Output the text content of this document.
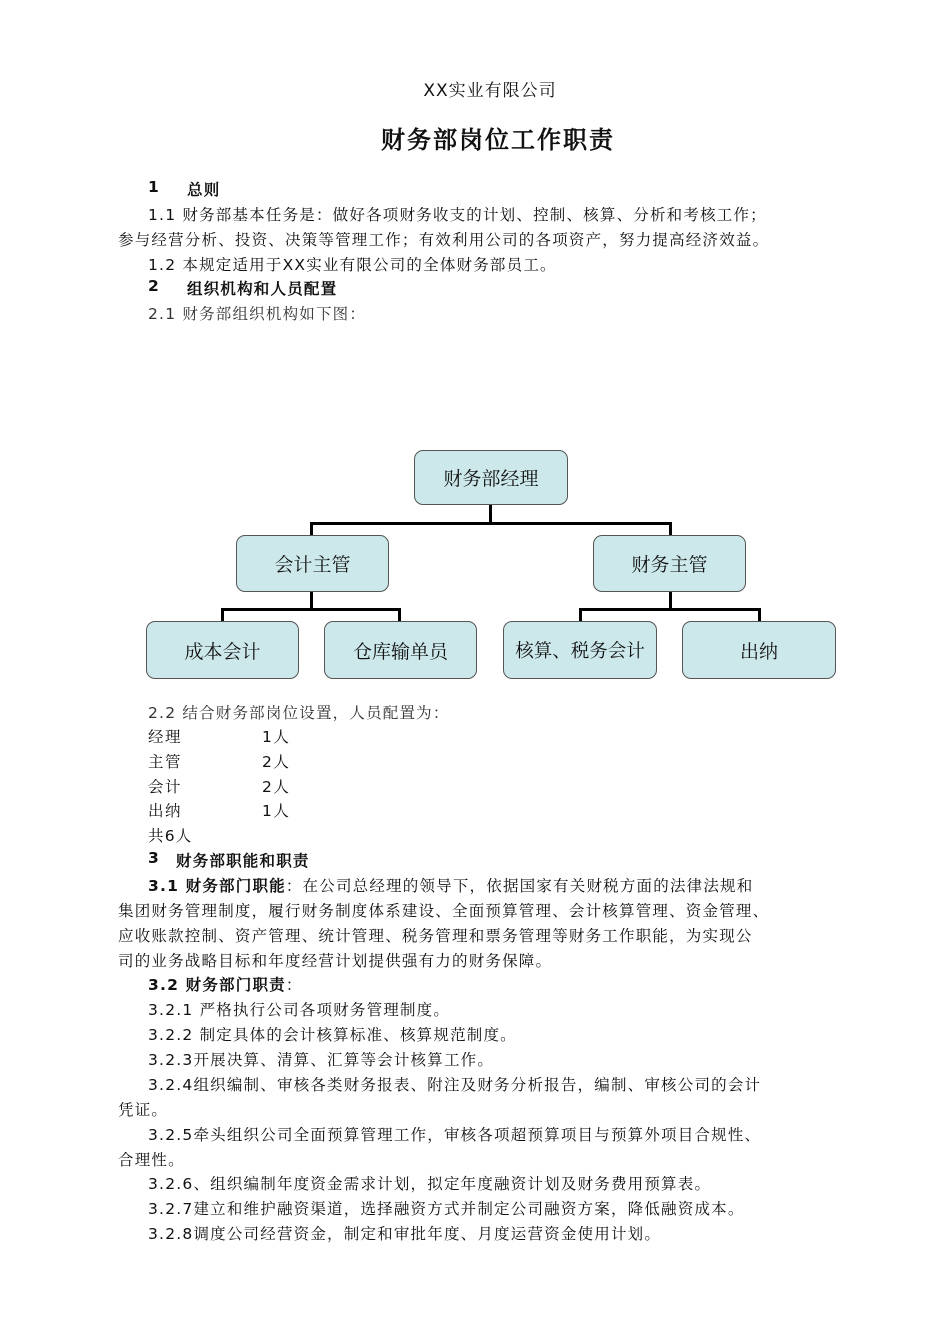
XX实业有限公司
财务部岗位工作职责
1 总则
1.1 财务部基本任务是：做好各项财务收支的计划、控制、核算、分析和考核工作；
参与经营分析、投资、决策等管理工作；有效利用公司的各项资产，努力提高经济效益。
1.2 本规定适用于XX实业有限公司的全体财务部员工。
2 组织机构和人员配置
2.1 财务部组织机构如下图：
财务部经理
会计主管	财务主管
成本会计	仓库输单员	核算、税务会计	出纳
2.2 结合财务部岗位设置，人员配置为：
经理	1人
主管	2人
会计	2人
出纳	1人
共6人
3 财务部职能和职责
3.1 财务部门职能：在公司总经理的领导下，依据国家有关财税方面的法律法规和
集团财务管理制度，履行财务制度体系建设、全面预算管理、会计核算管理、资金管理、
应收账款控制、资产管理、统计管理、税务管理和票务管理等财务工作职能，为实现公
司的业务战略目标和年度经营计划提供强有力的财务保障。
3.2 财务部门职责：
3.2.1 严格执行公司各项财务管理制度。
3.2.2 制定具体的会计核算标准、核算规范制度。
3.2.3开展决算、清算、汇算等会计核算工作。
3.2.4组织编制、审核各类财务报表、附注及财务分析报告，编制、审核公司的会计
凭证。
3.2.5牵头组织公司全面预算管理工作，审核各项超预算项目与预算外项目合规性、
合理性。
3.2.6、组织编制年度资金需求计划，拟定年度融资计划及财务费用预算表。
3.2.7建立和维护融资渠道，选择融资方式并制定公司融资方案，降低融资成本。
3.2.8调度公司经营资金，制定和审批年度、月度运营资金使用计划。
